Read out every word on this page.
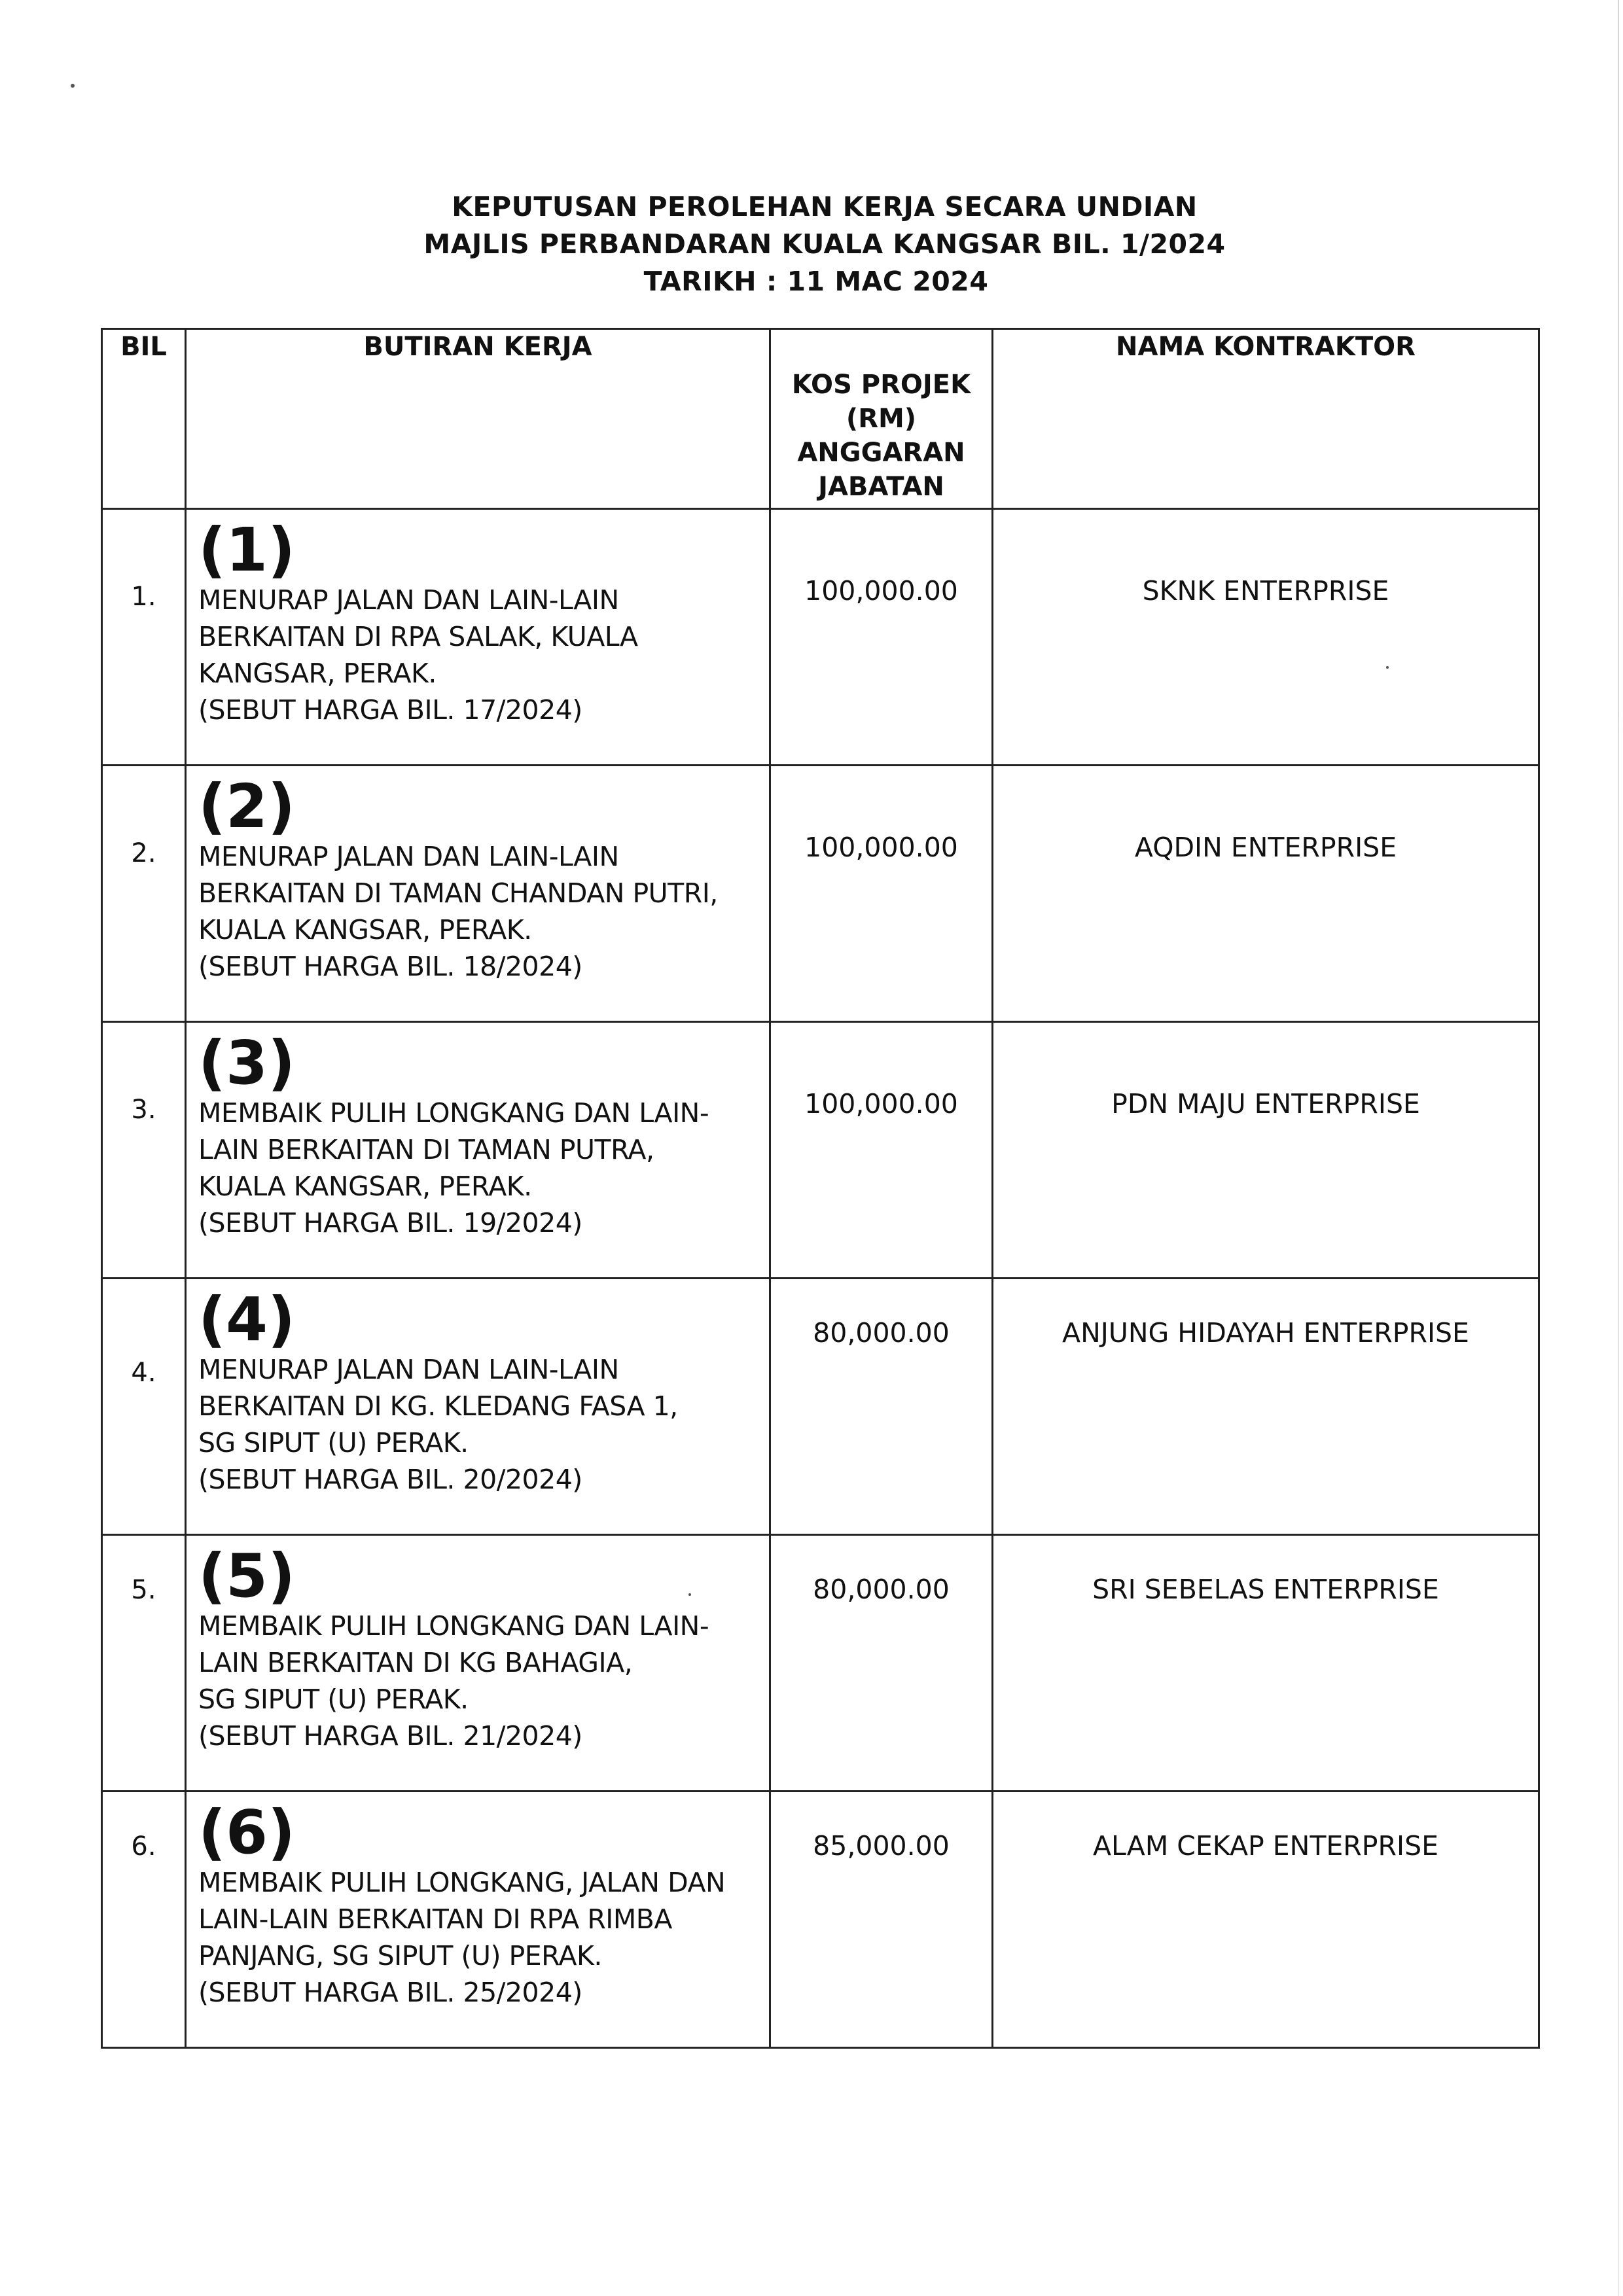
KEPUTUSAN PEROLEHAN KERJA SECARA UNDIAN
MAJLIS PERBANDARAN KUALA KANGSAR BIL. 1/2024
TARIKH : 11 MAC 2024
BIL	BUTIRAN KERJA	KOS PROJEK
(RM)
ANGGARAN
JABATAN	NAMA KONTRAKTOR
1.	(1)
MENURAP JALAN DAN LAIN-LAIN
BERKAITAN DI RPA SALAK, KUALA
KANGSAR, PERAK.
(SEBUT HARGA BIL. 17/2024)	100,000.00	SKNK ENTERPRISE
2.	(2)
MENURAP JALAN DAN LAIN-LAIN
BERKAITAN DI TAMAN CHANDAN PUTRI,
KUALA KANGSAR, PERAK.
(SEBUT HARGA BIL. 18/2024)	100,000.00	AQDIN ENTERPRISE
3.	(3)
MEMBAIK PULIH LONGKANG DAN LAIN-
LAIN BERKAITAN DI TAMAN PUTRA,
KUALA KANGSAR, PERAK.
(SEBUT HARGA BIL. 19/2024)	100,000.00	PDN MAJU ENTERPRISE
4.	(4)
MENURAP JALAN DAN LAIN-LAIN
BERKAITAN DI KG. KLEDANG FASA 1,
SG SIPUT (U) PERAK.
(SEBUT HARGA BIL. 20/2024)	80,000.00	ANJUNG HIDAYAH ENTERPRISE
5.	(5)
MEMBAIK PULIH LONGKANG DAN LAIN-
LAIN BERKAITAN DI KG BAHAGIA,
SG SIPUT (U) PERAK.
(SEBUT HARGA BIL. 21/2024)	80,000.00	SRI SEBELAS ENTERPRISE
6.	(6)
MEMBAIK PULIH LONGKANG, JALAN DAN
LAIN-LAIN BERKAITAN DI RPA RIMBA
PANJANG, SG SIPUT (U) PERAK.
(SEBUT HARGA BIL. 25/2024)	85,000.00	ALAM CEKAP ENTERPRISE
